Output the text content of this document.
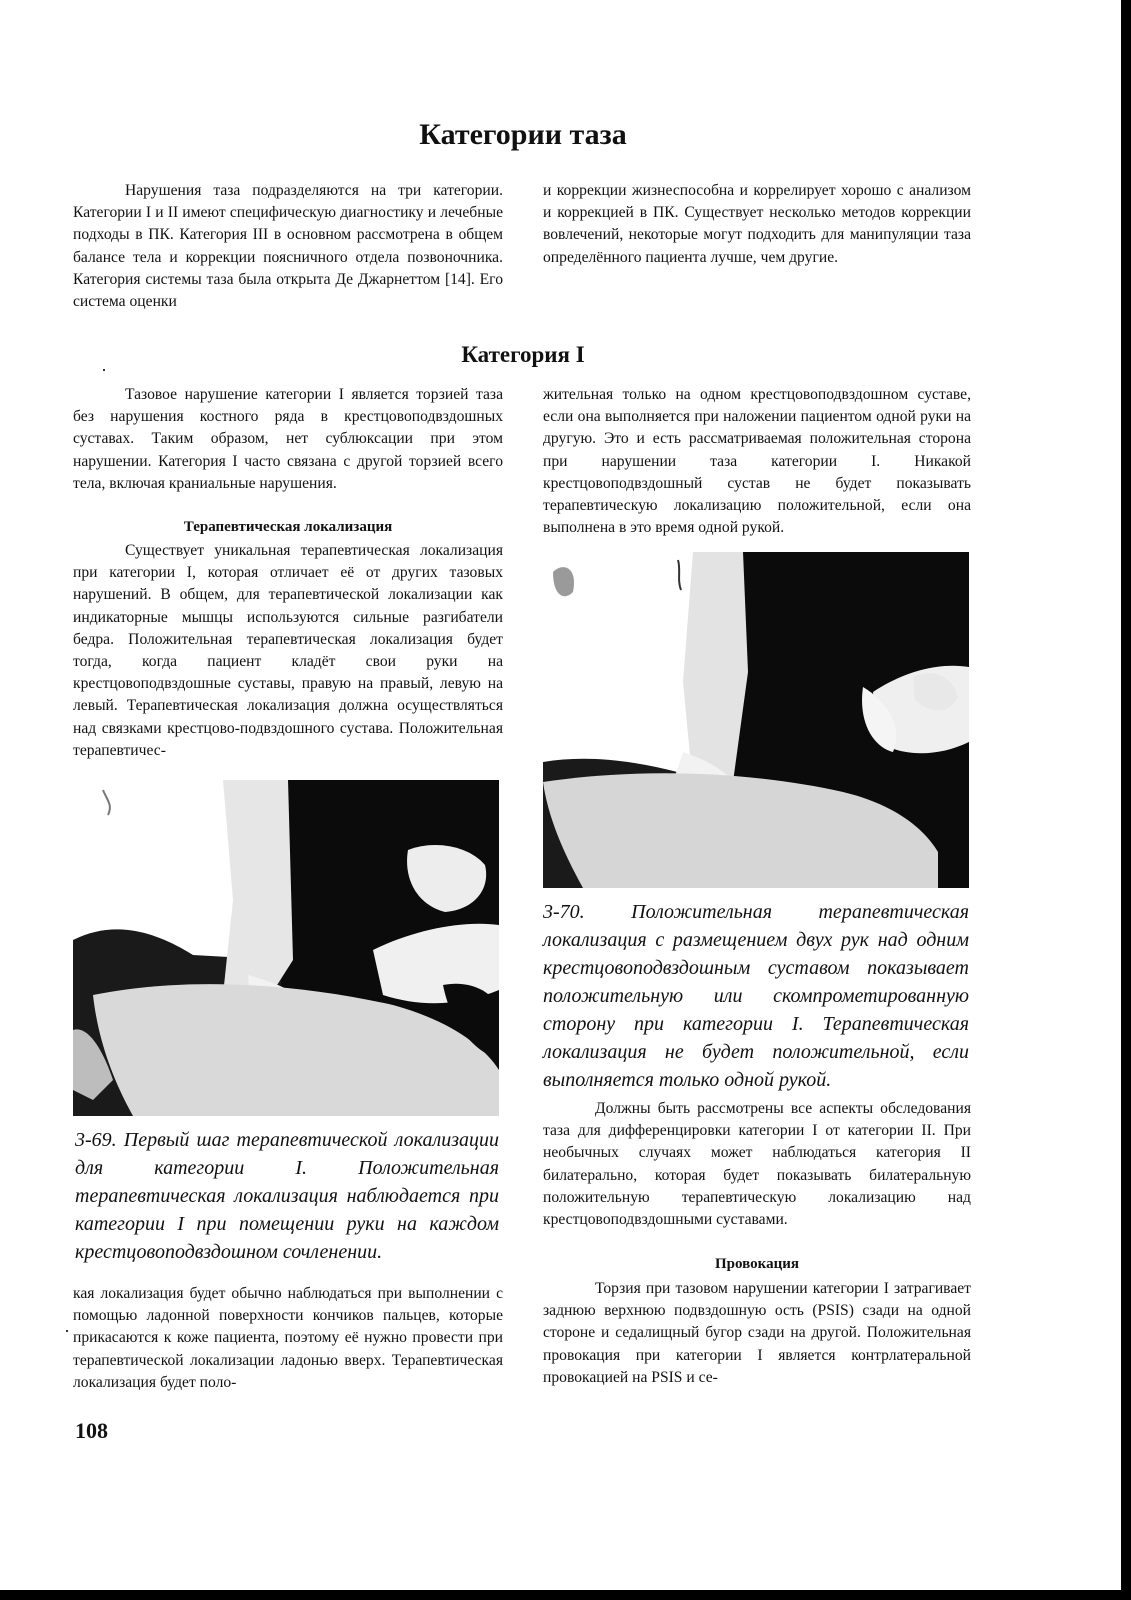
Категории таза

Нарушения таза подразделяются на три категории. Категории I и II имеют специфическую диагностику и лечебные подходы в ПК. Категория III в основном рассмотрена в общем балансе тела и коррекции поясничного отдела позвоночника. Категория системы таза была открыта Де Джарнеттом [14]. Его система оценки

и коррекции жизнеспособна и коррелирует хорошо с анализом и коррекцией в ПК. Существует несколько методов коррекции вовлечений, некоторые могут подходить для манипуляции таза определённого пациента лучше, чем другие.

Категория I

Тазовое нарушение категории I является торзией таза без нарушения костного ряда в крестцовоподвздошных суставах. Таким образом, нет сублюксации при этом нарушении. Категория I часто связана с другой торзией всего тела, включая краниальные нарушения.

Терапевтическая локализация

Существует уникальная терапевтическая локализация при категории I, которая отличает её от других тазовых нарушений. В общем, для терапевтической локализации как индикаторные мышцы используются сильные разгибатели бедра. Положительная терапевтическая локализация будет тогда, когда пациент кладёт свои руки на крестцовоподвздошные суставы, правую на правый, левую на левый. Терапевтическая локализация должна осуществляться над связками крестцово-подвздошного сустава. Положительная терапевтичес-

3-69. Первый шаг терапевтической локализации для категории I. Положительная терапевтическая локализация наблюдается при категории I при помещении руки на каждом крестцовоподвздошном сочленении.

кая локализация будет обычно наблюдаться при выполнении с помощью ладонной поверхности кончиков пальцев, которые прикасаются к коже пациента, поэтому её нужно провести при терапевтической локализации ладонью вверх. Терапевтическая локализация будет поло-

жительная только на одном крестцовоподвздошном суставе, если она выполняется при наложении пациентом одной руки на другую. Это и есть рассматриваемая положительная сторона при нарушении таза категории I. Никакой крестцовоподвздошный сустав не будет показывать терапевтическую локализацию положительной, если она выполнена в это время одной рукой.

3-70. Положительная терапевтическая локализация с размещением двух рук над одним крестцовоподвздошным суставом показывает положительную или скомпрометированную сторону при категории I. Терапевтическая локализация не будет положительной, если выполняется только одной рукой.

Должны быть рассмотрены все аспекты обследования таза для дифференцировки категории I от категории II. При необычных случаях может наблюдаться категория II билатерально, которая будет показывать билатеральную положительную терапевтическую локализацию над крестцовоподвздошными суставами.

Провокация

Торзия при тазовом нарушении категории I затрагивает заднюю верхнюю подвздошную ость (PSIS) сзади на одной стороне и седалищный бугор сзади на другой. Положительная провокация при категории I является контрлатеральной провокацией на PSIS и се-

108
